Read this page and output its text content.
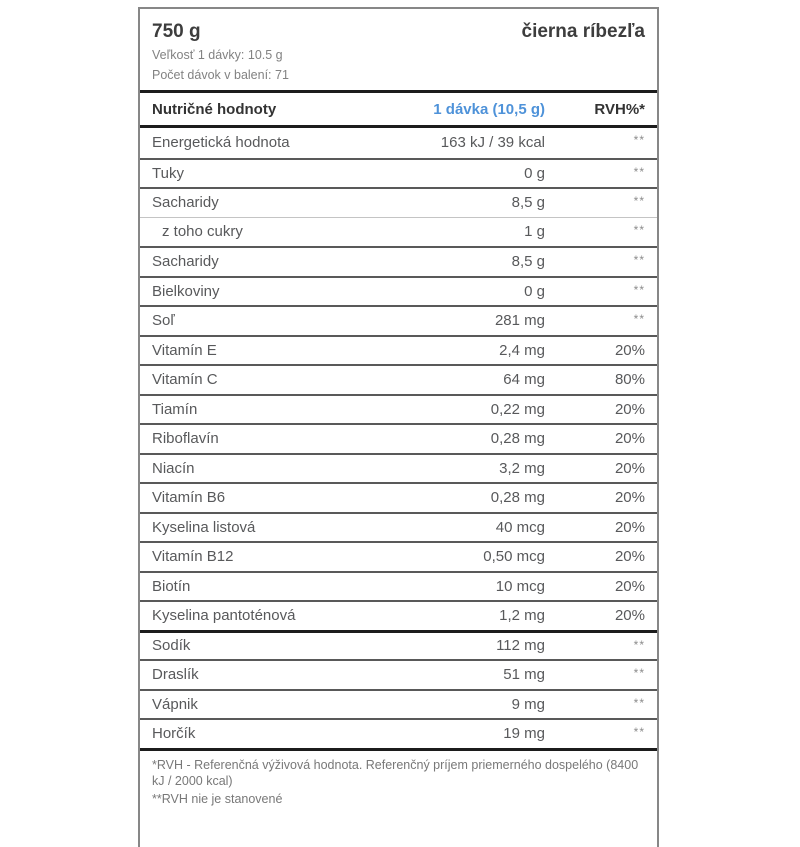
750 g	čierna ríbezľa
Veľkosť 1 dávky: 10.5 g
Počet dávok v balení: 71
Nutričné hodnoty	1 dávka (10,5 g)	RVH%*
Energetická hodnota	163 kJ / 39 kcal	**
Tuky	0 g	**
Sacharidy	8,5 g	**
z toho cukry	1 g	**
Sacharidy	8,5 g	**
Bielkoviny	0 g	**
Soľ	281 mg	**
Vitamín E	2,4 mg	20%
Vitamín C	64 mg	80%
Tiamín	0,22 mg	20%
Riboflavín	0,28 mg	20%
Niacín	3,2 mg	20%
Vitamín B6	0,28 mg	20%
Kyselina listová	40 mcg	20%
Vitamín B12	0,50 mcg	20%
Biotín	10 mcg	20%
Kyselina pantoténová	1,2 mg	20%
Sodík	112 mg	**
Draslík	51 mg	**
Vápnik	9 mg	**
Horčík	19 mg	**
*RVH - Referenčná výživová hodnota. Referenčný príjem priemerného dospelého (8400 kJ / 2000 kcal)
**RVH nie je stanovené
